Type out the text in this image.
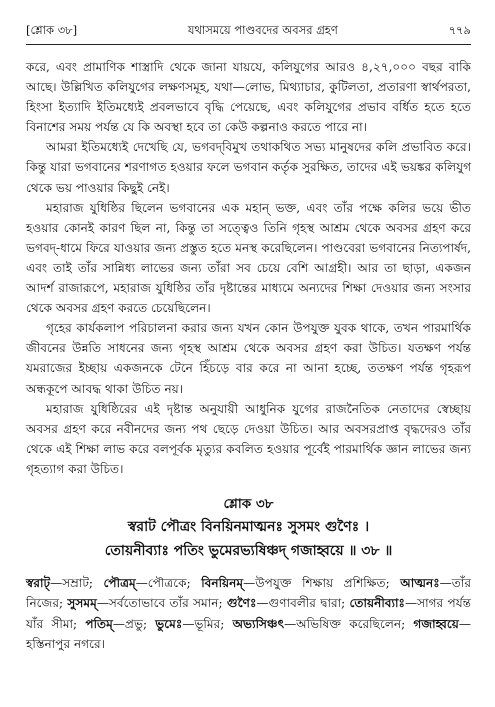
[শ্লোক ৩৮]	যথাসময়ে পাণ্ডবদের অবসর গ্রহণ	৭৭৯

করে, এবং প্রামাণিক শাস্ত্রাদি থেকে জানা যায়যে, কলিযুগের আরও ৪,২৭,০০০ বছর বাকি আছে। উল্লিখিত কলিযুগের লক্ষণসমূহ, যথা—লোভ, মিথ্যাচার, কুটিলতা, প্রতারণা স্বার্থপরতা, হিংসা ইত্যাদি ইতিমধ্যেই প্রবলভাবে বৃদ্ধি পেয়েছে, এবং কলিযুগের প্রভাব বর্ধিত হতে হতে বিনাশের সময় পর্যন্ত যে কি অবস্থা হবে তা কেউ কল্পনাও করতে পারে না।

আমরা ইতিমধ্যেই দেখেছি যে, ভগবদ্‌বিমুখ তথাকথিত সভ্য মানুষদের কলি প্রভাবিত করে। কিন্তু যারা ভগবানের শরণাগত হওয়ার ফলে ভগবান কর্তৃক সুরক্ষিত, তাদের এই ভয়ঙ্কর কলিযুগ থেকে ভয় পাওয়ার কিছুই নেই।

মহারাজ যুধিষ্ঠির ছিলেন ভগবানের এক মহান্ ভক্ত, এবং তাঁর পক্ষে কলির ভয়ে ভীত হওয়ার কোনই কারণ ছিল না, কিন্তু তা সত্ত্বেও তিনি গৃহস্থ আশ্রম থেকে অবসর গ্রহণ করে ভগবদ্‌-ধামে ফিরে যাওয়ার জন্য প্রস্তুত হতে মনস্থ করেছিলেন। পাণ্ডবেরা ভগবানের নিত্যপার্ষদ, এবং তাই তাঁর সান্নিধ্য লাভের জন্য তাঁরা সব চেয়ে বেশি আগ্রহী। আর তা ছাড়া, একজন আদর্শ রাজারূপে, মহারাজ যুধিষ্ঠির তাঁর দৃষ্টান্তের মাধ্যমে অন্যদের শিক্ষা দেওয়ার জন্য সংসার থেকে অবসর গ্রহণ করতে চেয়েছিলেন।

গৃহের কার্যকলাপ পরিচালনা করার জন্য যখন কোন উপযুক্ত যুবক থাকে, তখন পারমার্থিক জীবনের উন্নতি সাধনের জন্য গৃহস্থ আশ্রম থেকে অবসর গ্রহণ করা উচিত। যতক্ষণ পর্যন্ত যমরাজের ইচ্ছায় একজনকে টেনে হিঁচড়ে বার করে না আনা হচ্ছে, ততক্ষণ পর্যন্ত গৃহরূপ অন্ধকূপে আবদ্ধ থাকা উচিত নয়।

মহারাজ যুধিষ্ঠিরের এই দৃষ্টান্ত অনুযায়ী আধুনিক যুগের রাজনৈতিক নেতাদের স্বেচ্ছায় অবসর গ্রহণ করে নবীনদের জন্য পথ ছেড়ে দেওয়া উচিত। আর অবসরপ্রাপ্ত বৃদ্ধদেরও তাঁর থেকে এই শিক্ষা লাভ করে বলপূর্বক মৃত্যুর কবলিত হওয়ার পূর্বেই পারমার্থিক জ্ঞান লাভের জন্য গৃহত্যাগ করা উচিত।

শ্লোক ৩৮
স্বরাট পৌত্রং বিনয়িনমাত্মনঃ সুসমং গুণৈঃ ।
তোয়নীব্যাঃ পতিং ভুমেরভ্যষিঞ্চদ্ গজাহ্বয়ে ॥ ৩৮ ॥
স্বরাট্—সম্রাট; পৌত্রম্—পৌত্রকে; বিনয়িনম্—উপযুক্ত শিক্ষায় প্রশিক্ষিত; আত্মনঃ—তাঁর নিজের; সুসমম্—সর্বতোভাবে তাঁর সমান; গুণৈঃ—গুণাবলীর দ্বারা; তোয়নীব্যাঃ—সাগর পর্যন্ত যাঁর সীমা; পতিম্—প্রভু; ভুমেঃ—ভূমির; অভ্যসিঞ্চৎ—অভিষিক্ত করেছিলেন; গজাহ্বয়ে—হস্তিনাপুর নগরে।
